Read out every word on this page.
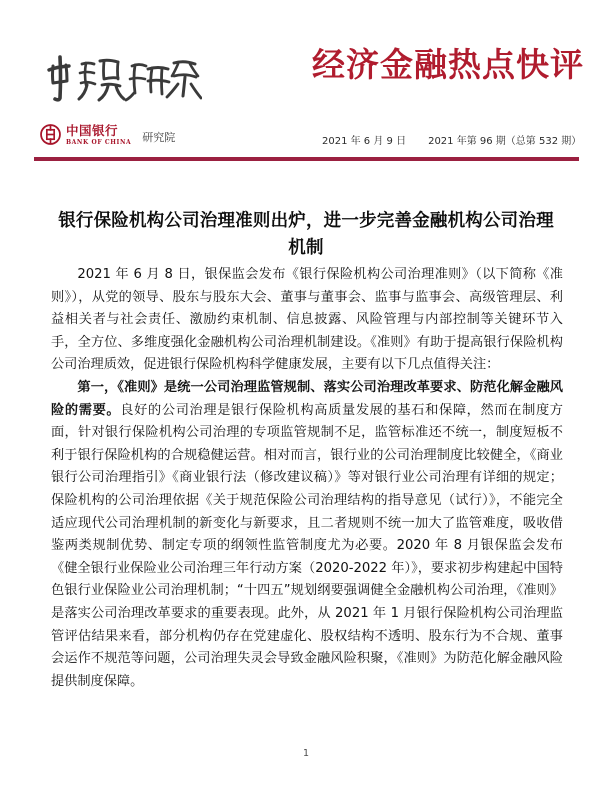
经济金融热点快评
中国银行
BANK OF CHINA 研究院	2021 年 6 月 9 日 2021 年第 96 期（总第 532 期）
银行保险机构公司治理准则出炉，进一步完善金融机构公司治理机制

2021 年 6 月 8 日，银保监会发布《银行保险机构公司治理准则》（以下简称《准则》），从党的领导、股东与股东大会、董事与董事会、监事与监事会、高级管理层、利益相关者与社会责任、激励约束机制、信息披露、风险管理与内部控制等关键环节入手，全方位、多维度强化金融机构公司治理机制建设。《准则》有助于提高银行保险机构公司治理质效，促进银行保险机构科学健康发展，主要有以下几点值得关注：

第一，《准则》是统一公司治理监管规制、落实公司治理改革要求、防范化解金融风险的需要。良好的公司治理是银行保险机构高质量发展的基石和保障，然而在制度方面，针对银行保险机构公司治理的专项监管规制不足，监管标准还不统一，制度短板不利于银行保险机构的合规稳健运营。相对而言，银行业的公司治理制度比较健全，《商业银行公司治理指引》《商业银行法（修改建议稿）》等对银行业公司治理有详细的规定；保险机构的公司治理依据《关于规范保险公司治理结构的指导意见（试行）》，不能完全适应现代公司治理机制的新变化与新要求，且二者规则不统一加大了监管难度，吸收借鉴两类规制优势、制定专项的纲领性监管制度尤为必要。2020 年 8 月银保监会发布《健全银行业保险业公司治理三年行动方案（2020-2022 年）》，要求初步构建起中国特色银行业保险业公司治理机制；“十四五”规划纲要强调健全金融机构公司治理，《准则》是落实公司治理改革要求的重要表现。此外，从 2021 年 1 月银行保险机构公司治理监管评估结果来看，部分机构仍存在党建虚化、股权结构不透明、股东行为不合规、董事会运作不规范等问题，公司治理失灵会导致金融风险积聚，《准则》为防范化解金融风险提供制度保障。

1
